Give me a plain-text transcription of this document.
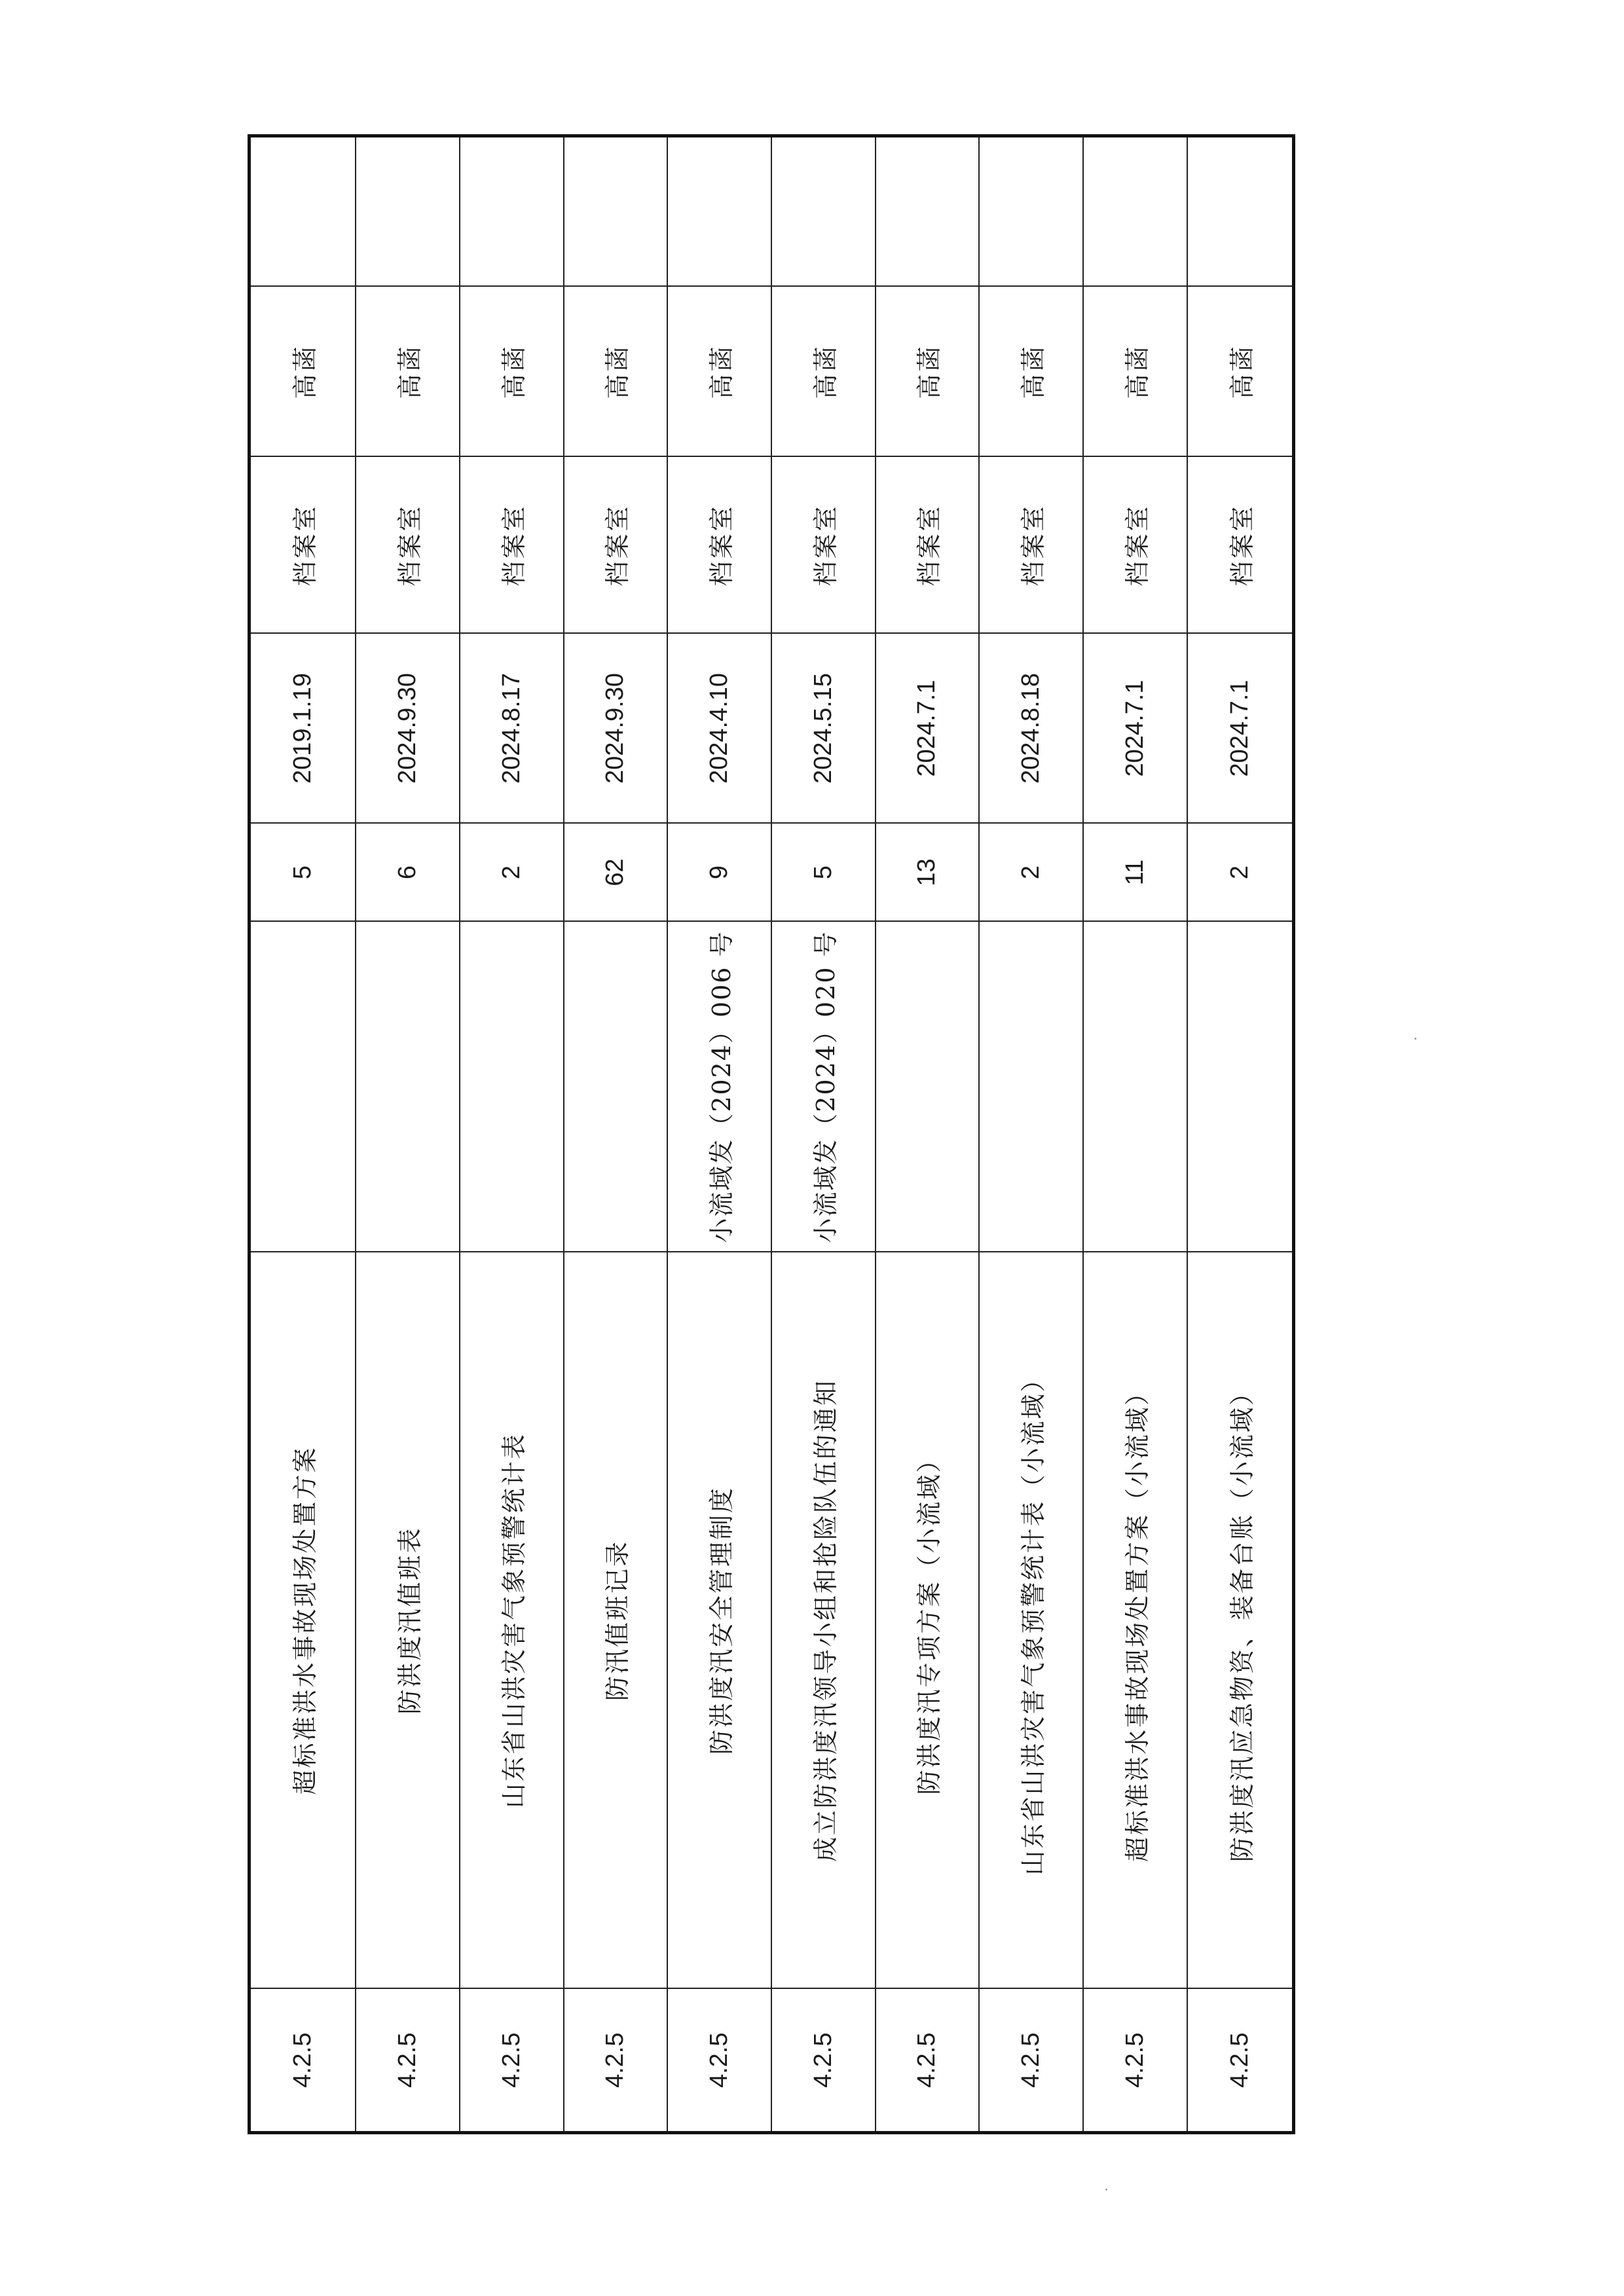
4.2.5	超标准洪水事故现场处置方案		5	2019.1.19	档案室	高菡	
4.2.5	防洪度汛值班表		6	2024.9.30	档案室	高菡	
4.2.5	山东省山洪灾害气象预警统计表		2	2024.8.17	档案室	高菡	
4.2.5	防汛值班记录		62	2024.9.30	档案室	高菡	
4.2.5	防洪度汛安全管理制度	小流域发（2024）006 号	9	2024.4.10	档案室	高菡	
4.2.5	成立防洪度汛领导小组和抢险队伍的通知	小流域发（2024）020 号	5	2024.5.15	档案室	高菡	
4.2.5	防洪度汛专项方案（小流域）		13	2024.7.1	档案室	高菡	
4.2.5	山东省山洪灾害气象预警统计表（小流域）		2	2024.8.18	档案室	高菡	
4.2.5	超标准洪水事故现场处置方案（小流域）		11	2024.7.1	档案室	高菡	
4.2.5	防洪度汛应急物资、装备台账（小流域）		2	2024.7.1	档案室	高菡	
